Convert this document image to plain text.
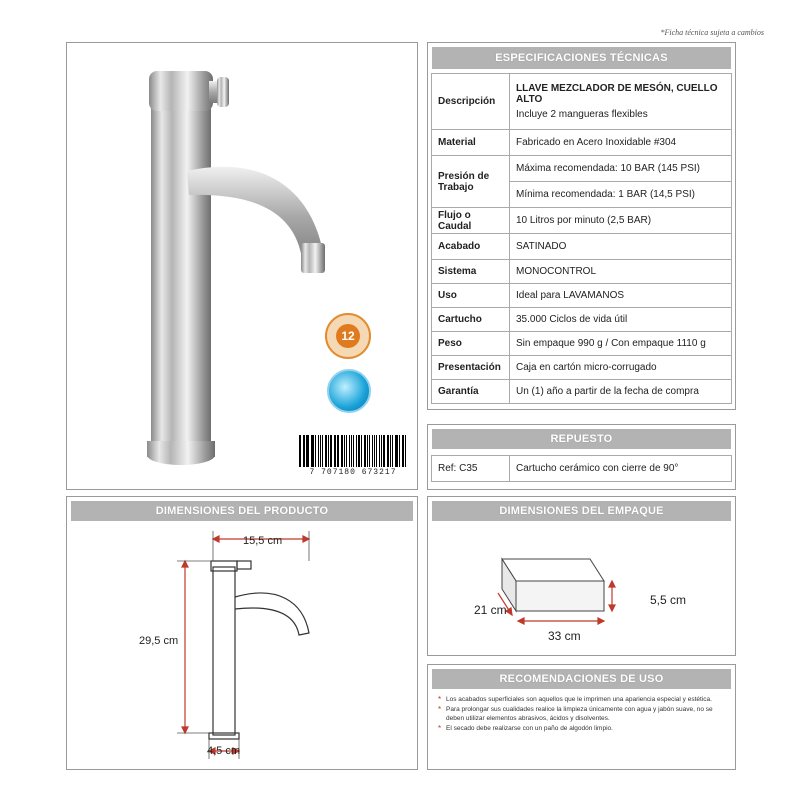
*Ficha técnica sujeta a cambios
12
7 707180 673217
ESPECIFICACIONES TÉCNICAS
Descripción	LLAVE MEZCLADOR DE MESÓN, CUELLO ALTO
Incluye 2 mangueras flexibles

Material	Fabricado en Acero Inoxidable #304

Presión de
Trabajo	Máxima recomendada: 10 BAR (145 PSI)
	Mínima recomendada: 1 BAR (14,5 PSI)
Flujo o Caudal	10 Litros por minuto (2,5 BAR)
Acabado	SATINADO
Sistema	MONOCONTROL
Uso	Ideal para LAVAMANOS
Cartucho	35.000 Ciclos de vida útil
Peso	Sin empaque 990 g / Con empaque 1110 g
Presentación	Caja en cartón micro-corrugado
Garantía	Un (1) año a partir de la fecha de compra
REPUESTO
Ref: C35	Cartucho cerámico con cierre de 90°
DIMENSIONES DEL PRODUCTO
15,5 cm
29,5 cm
4,5 cm
DIMENSIONES DEL EMPAQUE
21 cm
33 cm
5,5 cm
RECOMENDACIONES DE USO
* Los acabados superficiales son aquellos que le imprimen una apariencia especial y estética.
* Para prolongar sus cualidades realice la limpieza únicamente con agua y jabón suave, no se deben utilizar elementos abrasivos, ácidos y disolventes.
* El secado debe realizarse con un paño de algodón limpio.
